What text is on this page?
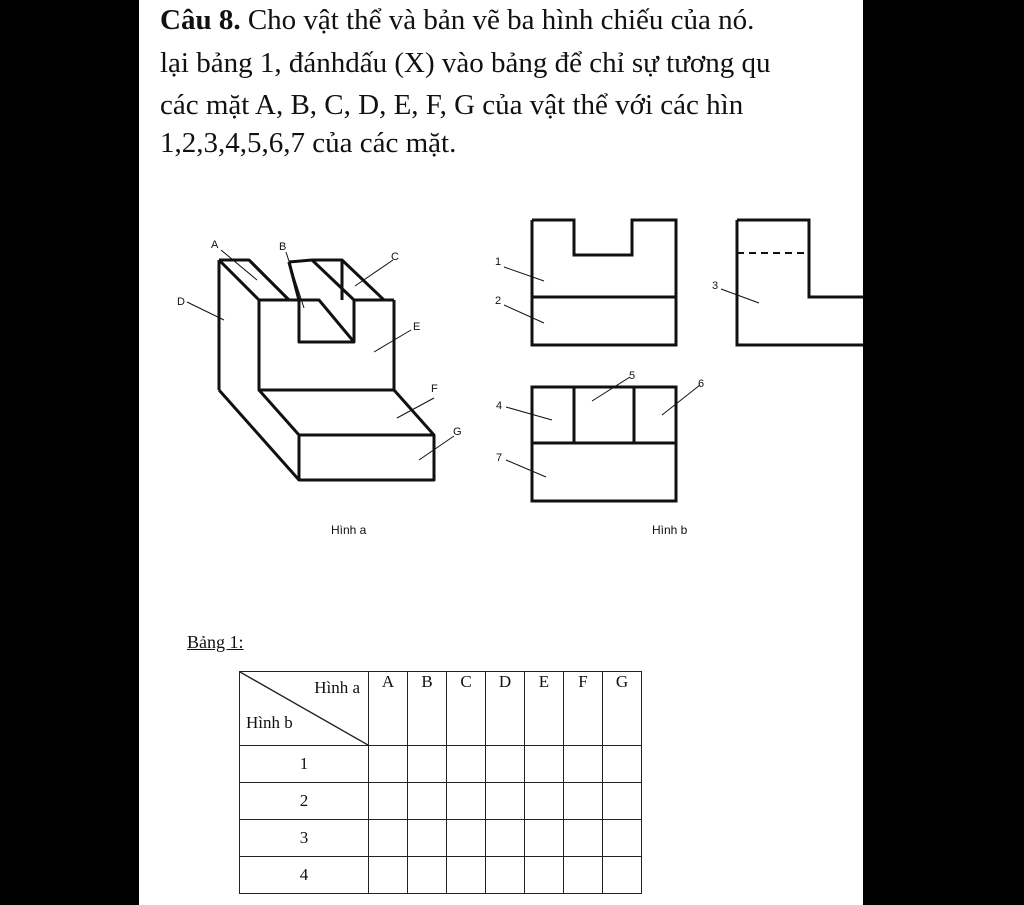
Câu 8. Cho vật thể và bản vẽ ba hình chiếu của nó.
lại bảng 1, đánhdấu (X) vào bảng để chỉ sự tương qu
các mặt A, B, C, D, E, F, G của vật thể với các hìn
1,2,3,4,5,6,7 của các mặt.
A	B
C
D
E
F
G
Hình a
1
2
3
4
5
6
7
Hình b
Bảng 1:
Hình a
Hình b	A	B	C	D	E	F	G
1							
2							
3							
4							
